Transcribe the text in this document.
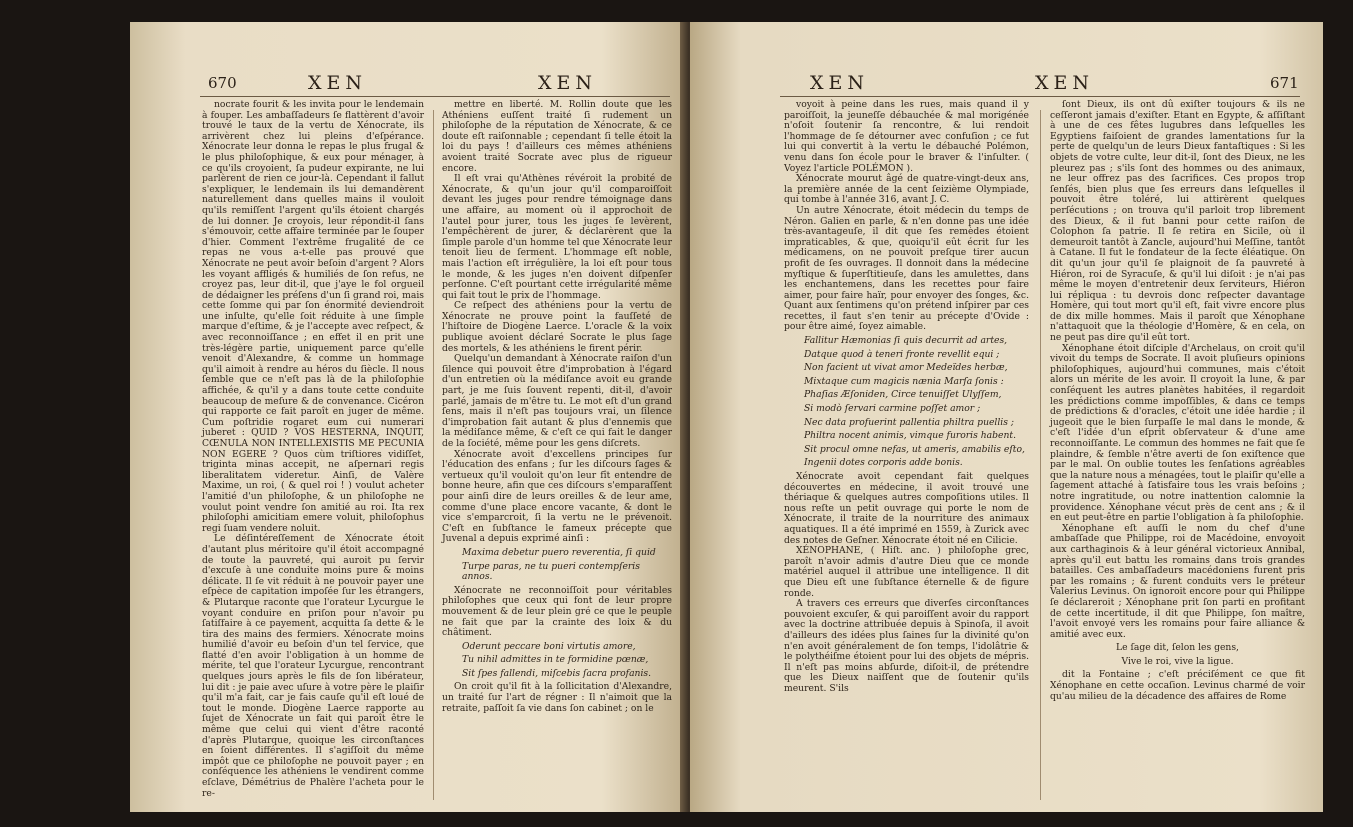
670	XEN	XEN

nocrate fourit & les invita pour le lendemain à fouper. Les ambaſſadeurs ſe flattèrent d'avoir trouvé le taux de la vertu de Xénocrate, ils arrivèrent chez lui pleins d'eſpérance. Xénocrate leur donna le repas le plus frugal & le plus philoſophique, & eux pour ménager, à ce qu'ils croyoient, ſa pudeur expirante, ne lui parlèrent de rien ce jour-là. Cependant il fallut s'expliquer, le lendemain ils lui demandèrent naturellement dans quelles mains il vouloit qu'ils remiſſent l'argent qu'ils étoient chargés de lui donner. Je croyois, leur répondit-il ſans s'émouvoir, cette affaire terminée par le ſouper d'hier. Comment l'extrême frugalité de ce repas ne vous a-t-elle pas prouvé que Xénocrate ne peut avoir beſoin d'argent ? Alors les voyant affligés & humiliés de ſon refus, ne croyez pas, leur dit-il, que j'aye le fol orgueil de dédaigner les préſens d'un ſi grand roi, mais cette ſomme qui par ſon énormité deviendroit une inſulte, qu'elle ſoit réduite à une ſimple marque d'eſtime, & je l'accepte avec reſpect, & avec reconnoiſſance ; en effet il en prit une très-légère partie, uniquement parce qu'elle venoit d'Alexandre, & comme un hommage qu'il aimoit à rendre au héros du ſiècle. Il nous ſemble que ce n'eſt pas là de la philoſophie affichée, & qu'il y a dans toute cette conduite beaucoup de meſure & de convenance. Cicéron qui rapporte ce fait paroît en juger de même. Cum poſtridie rogaret eum cui numerari juberet : QUID ? VOS HESTERNA, INQUIT, CŒNULA NON INTELLEXISTIS ME PECUNIA NON EGERE ? Quos cùm triſtiores vidiſſet, triginta minas accepit, ne aſpernari regis liberalitatem videretur. Ainſi, de Valère Maxime, un roi, ( & quel roi ! ) voulut acheter l'amitié d'un philoſophe, & un philoſophe ne voulut point vendre ſon amitié au roi. Ita rex philoſophi amicitiam emere voluit, philoſophus regi ſuam vendere noluit.

Le déſintéreſſement de Xénocrate étoit d'autant plus méritoire qu'il étoit accompagné de toute la pauvreté, qui auroit pu ſervir d'excuſe à une conduite moins pure & moins délicate. Il ſe vit réduit à ne pouvoir payer une eſpèce de capitation impoſée ſur les étrangers, & Plutarque raconte que l'orateur Lycurgue le voyant conduire en priſon pour n'avoir pu ſatiſfaire à ce payement, acquitta ſa dette & le tira des mains des fermiers. Xénocrate moins humilié d'avoir eu beſoin d'un tel ſervice, que flatté d'en avoir l'obligation à un homme de mérite, tel que l'orateur Lycurgue, rencontrant quelques jours après le fils de ſon libérateur, lui dit : je paie avec uſure à votre père le plaiſir qu'il m'a fait, car je fais cauſe qu'il eſt loué de tout le monde. Diogène Laerce rapporte au ſujet de Xénocrate un fait qui paroît être le même que celui qui vient d'être raconté d'après Plutarque, quoique les circonſtances en ſoient différentes. Il s'agiſſoit du même impôt que ce philoſophe ne pouvoit payer ; en conſéquence les athéniens le vendirent comme eſclave, Démétrius de Phalère l'acheta pour le re-

mettre en liberté. M. Rollin doute que les Athéniens euſſent traité ſi rudement un philoſophe de la réputation de Xénocrate, & ce doute eſt raiſonnable ; cependant ſi telle étoit la loi du pays ! d'ailleurs ces mêmes athéniens avoient traité Socrate avec plus de rigueur encore.

Il eſt vrai qu'Athènes révéroit la probité de Xénocrate, & qu'un jour qu'il comparoiſſoit devant les juges pour rendre témoignage dans une affaire, au moment où il approchoit de l'autel pour jurer, tous les juges ſe levèrent, l'empêchèrent de jurer, & déclarèrent que la ſimple parole d'un homme tel que Xénocrate leur tenoit lieu de ſerment. L'hommage eſt noble, mais l'action eſt irrégulière, la loi eſt pour tous le monde, & les juges n'en doivent diſpenſer perſonne. C'eſt pourtant cette irrégularité même qui fait tout le prix de l'hommage.

Ce reſpect des athéniens pour la vertu de Xénocrate ne prouve point la fauſſeté de l'hiſtoire de Diogène Laerce. L'oracle & la voix publique avoient déclaré Socrate le plus ſage des mortels, & les athéniens le firent périr.

Quelqu'un demandant à Xénocrate raiſon d'un ſilence qui pouvoit être d'improbation à l'égard d'un entretien où la médiſance avoit eu grande part, je me ſuis ſouvent repenti, dit-il, d'avoir parlé, jamais de m'être tu. Le mot eſt d'un grand ſens, mais il n'eſt pas toujours vrai, un ſilence d'improbation fait autant & plus d'ennemis que la médiſance même, & c'eſt ce qui fait le danger de la ſociété, même pour les gens diſcrets.

Xénocrate avoit d'excellens principes ſur l'éducation des enfans ; ſur les diſcours ſages & vertueux qu'il vouloit qu'on leur fît entendre de bonne heure, afin que ces diſcours s'emparaſſent pour ainſi dire de leurs oreilles & de leur ame, comme d'une place encore vacante, & dont le vice s'emparcroit, ſi la vertu ne le prévenoit. C'eſt en ſubſtance le fameux précepte que Juvenal a depuis exprimé ainſi :

Maxima debetur puero reverentia, ſi quid

Turpe paras, ne tu pueri contempſeris annos.

Xénocrate ne reconnoiſſoit pour véritables philoſophes que ceux qui font de leur propre mouvement & de leur plein gré ce que le peuple ne fait que par la crainte des loix & du châtiment.

Oderunt peccare boni virtutis amore,

Tu nihil admittes in te formidine pœnæ,

Sit ſpes fallendi, miſcebis ſacra profanis.

On croit qu'il fit à la ſollicitation d'Alexandre, un traité ſur l'art de régner : Il n'aimoit que la retraite, paſſoit ſa vie dans ſon cabinet ; on le

XEN	XEN	671

voyoit à peine dans les rues, mais quand il y paroiſſoit, la jeuneſſe débauchée & mal morigénée n'oſoit ſoutenir ſa rencontre, & lui rendoit l'hommage de ſe détourner avec confuſion ; ce fut lui qui convertit à la vertu le débauché Polémon, venu dans ſon école pour le braver & l'inſulter. ( Voyez l'article POLÉMON ).

Xénocrate mourut âgé de quatre-vingt-deux ans, la première année de la cent ſeizième Olympiade, qui tombe à l'année 316, avant J. C.

Un autre Xénocrate, étoit médecin du temps de Néron. Galien en parle, & n'en donne pas une idée très-avantageuſe, il dit que ſes remèdes étoient impraticables, & que, quoiqu'il eût écrit ſur les médicamens, on ne pouvoit preſque tirer aucun profit de ſes ouvrages. Il donnoit dans la médecine myſtique & ſuperſtitieuſe, dans les amulettes, dans les enchantemens, dans les recettes pour faire aimer, pour faire haïr, pour envoyer des ſonges, &c. Quant aux ſentimens qu'on prétend inſpirer par ces recettes, il faut s'en tenir au précepte d'Ovide : pour être aimé, ſoyez aimable.

Fallitur Hæmonias ſi quis decurrit ad artes,

Datque quod à teneri fronte revellit equi ;

Non facient ut vivat amor Medeïdes herbæ,

Mixtaque cum magicis nænia Marſa ſonis :

Phaſias Æſoniden, Circe tenuiſſet Ulyſſem,

Si modò ſervari carmine poſſet amor ;

Nec data profuerint pallentia philtra puellis ;

Philtra nocent animis, vimque furoris habent.

Sit procul omne nefas, ut ameris, amabilis eſto,

Ingenii dotes corporis adde bonis.

Xénocrate avoit cependant fait quelques découvertes en médecine, il avoit trouvé une thériaque & quelques autres compoſitions utiles. Il nous reſte un petit ouvrage qui porte le nom de Xénocrate, il traite de la nourriture des animaux aquatiques. Il a été imprimé en 1559, à Zurick avec des notes de Geſner. Xénocrate étoit né en Cilicie.

XÉNOPHANE, ( Hiſt. anc. ) philoſophe grec, paroît n'avoir admis d'autre Dieu que ce monde matériel auquel il attribue une intelligence. Il dit que Dieu eſt une ſubſtance éternelle & de figure ronde.

A travers ces erreurs que diverſes circonſtances pouvoient excuſer, & qui paroiſſent avoir du rapport avec la doctrine attribuée depuis à Spinoſa, il avoit d'ailleurs des idées plus ſaines ſur la divinité qu'on n'en avoit généralement de ſon temps, l'idolâtrie & le polythéiſme étoient pour lui des objets de mépris. Il n'eſt pas moins abſurde, diſoit-il, de prétendre que les Dieux naiſſent que de ſoutenir qu'ils meurent. S'ils

ſont Dieux, ils ont dû exiſter toujours & ils ne ceſſeront jamais d'exiſter. Etant en Egypte, & aſſiſtant à une de ces fêtes lugubres dans leſquelles les Egyptiens faiſoient de grandes lamentations ſur la perte de quelqu'un de leurs Dieux fantaſtiques : Si les objets de votre culte, leur dit-il, ſont des Dieux, ne les pleurez pas ; s'ils ſont des hommes ou des animaux, ne leur offrez pas des ſacrifices. Ces propos trop ſenſés, bien plus que ſes erreurs dans leſquelles il pouvoit être toléré, lui attirèrent quelques perſécutions ; on trouva qu'il parloit trop librement des Dieux, & il fut banni pour cette raiſon de Colophon ſa patrie. Il ſe retira en Sicile, où il demeuroit tantôt à Zancle, aujourd'hui Meſſine, tantôt à Catane. Il fut le fondateur de la ſecte éléatique. On dit qu'un jour qu'il ſe plaignoit de ſa pauvreté à Hiéron, roi de Syracuſe, & qu'il lui diſoit : je n'ai pas même le moyen d'entretenir deux ſerviteurs, Hiéron lui répliqua : tu devrois donc reſpecter davantage Homère, qui tout mort qu'il eſt, fait vivre encore plus de dix mille hommes. Mais il paroît que Xénophane n'attaquoit que la théologie d'Homère, & en cela, on ne peut pas dire qu'il eût tort.

Xénophane étoit diſciple d'Archelaus, on croit qu'il vivoit du temps de Socrate. Il avoit pluſieurs opinions philoſophiques, aujourd'hui communes, mais c'étoit alors un mérite de les avoir. Il croyoit la lune, & par conſéquent les autres planètes habitées, il regardoit les prédictions comme impoſſibles, & dans ce temps de prédictions & d'oracles, c'étoit une idée hardie ; il jugeoit que le bien ſurpaſſe le mal dans le monde, & c'eſt l'idée d'un eſprit obſervateur & d'une ame reconnoiſſante. Le commun des hommes ne fait que ſe plaindre, & ſemble n'être averti de ſon exiſtence que par le mal. On oublie toutes les ſenſations agréables que la nature nous a ménagées, tout le plaiſir qu'elle a ſagement attaché à ſatisfaire tous les vrais beſoins ; notre ingratitude, ou notre inattention calomnie la providence. Xénophane vécut près de cent ans ; & il en eut peut-être en partie l'obligation à ſa philoſophie.

Xénophane eſt auſſi le nom du chef d'une ambaſſade que Philippe, roi de Macédoine, envoyoit aux carthaginois & à leur général victorieux Annibal, après qu'il eut battu les romains dans trois grandes batailles. Ces ambaſſadeurs macédoniens furent pris par les romains ; & furent conduits vers le préteur Valerius Levinus. On ignoroit encore pour qui Philippe ſe déclareroit ; Xénophane prit ſon parti en profitant de cette incertitude, il dit que Philippe, ſon maître, l'avoit envoyé vers les romains pour faire alliance & amitié avec eux.

Le ſage dit, ſelon les gens,

Vive le roi, vive la ligue.

dit la Fontaine ; c'eſt préciſément ce que fit Xénophane en cette occaſion. Levinus charmé de voir qu'au milieu de la décadence des affaires de Rome
